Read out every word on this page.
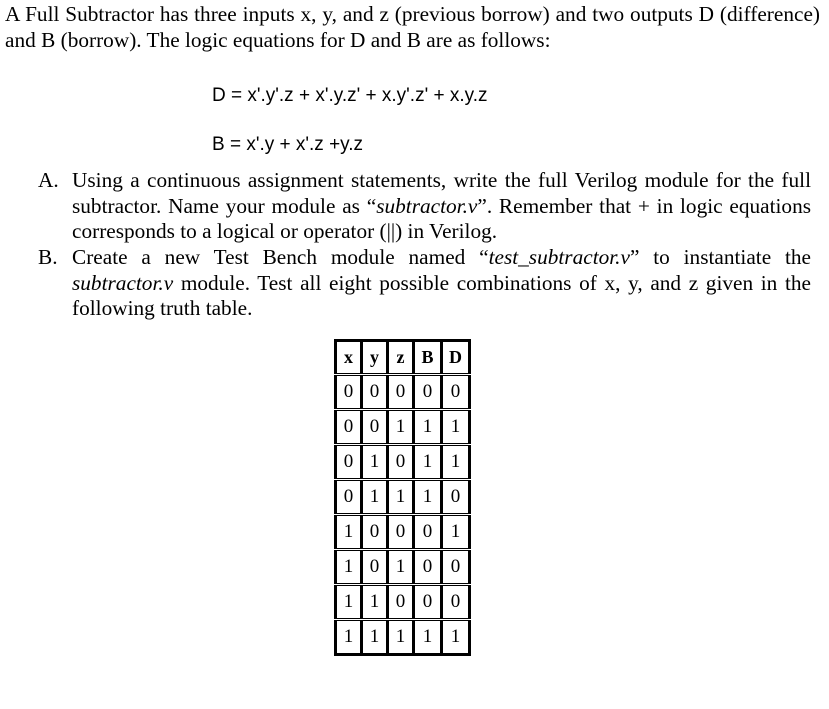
A Full Subtractor has three inputs x, y, and z (previous borrow) and two outputs D (difference) and B (borrow). The logic equations for D and B are as follows:

D = x'.y'.z + x'.y.z' + x.y'.z' + x.y.z
B = x'.y + x'.z +y.z
A. Using a continuous assignment statements, write the full Verilog module for the full subtractor. Name your module as “subtractor.v”. Remember that + in logic equations corresponds to a logical or operator (||) in Verilog.
B. Create a new Test Bench module named “test_subtractor.v” to instantiate the subtractor.v module. Test all eight possible combinations of x, y, and z given in the following truth table.
x	y	z	B	D
0	0	0	0	0
0	0	1	1	1
0	1	0	1	1
0	1	1	1	0
1	0	0	0	1
1	0	1	0	0
1	1	0	0	0
1	1	1	1	1
